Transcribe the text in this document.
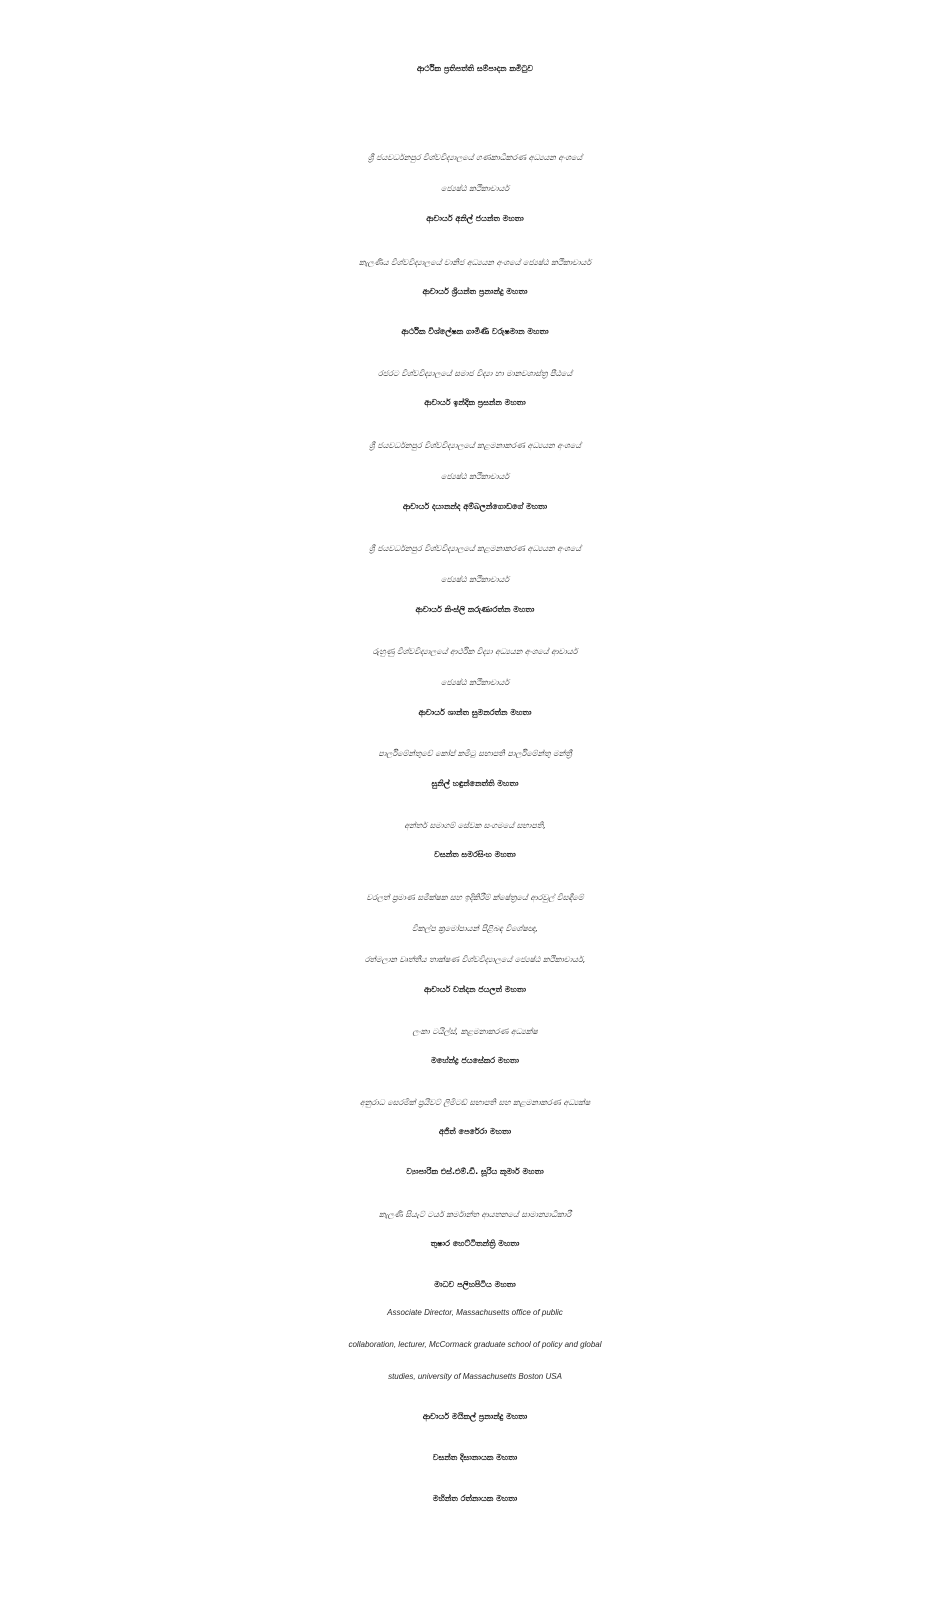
ආර්ථික ප්‍රතිපත්ති සම්පාදන කමිටුව
ශ්‍රී ජයවර්ධනපුර විශ්වවිද්‍යාලයේ ගණකාධිකරණ අධ්‍යයන අංශයේ
ජ්‍යෙෂ්ඨ කථිකාචාර්ය
ආචාර්ය අනිල් ජයන්ත මහතා
කැලණිය විශ්වවිද්‍යාලයේ වානිජ අධ්‍යයන අංශයේ ජ්‍යෙෂ්ඨ කථිකාචාර්ය
ආචාර්ය ශ්‍රියන්ත ප්‍රනාන්දු මහතා
ආර්ථික විශ්ලේෂක ගාමිණී වරුෂමාන මහතා
රජරට විශ්වවිද්‍යාලයේ සමාජ විද්‍යා හා මානවශාස්ත්‍ර පීඨයේ
ආචාර්ය ඉන්දික ප්‍රසන්න මහතා
ශ්‍රී ජයවර්ධනපුර විශ්වවිද්‍යාලයේ කළමනාකරණ අධ්‍යයන අංශයේ
ජ්‍යෙෂ්ඨ කථිකාචාර්ය
ආචාර්ය දයානන්ද අම්බලන්ගොඩගේ මහතා
ශ්‍රී ජයවර්ධනපුර විශ්වවිද්‍යාලයේ කළමනාකරණ අධ්‍යයන අංශයේ
ජ්‍යෙෂ්ඨ කථිකාචාර්ය
ආචාර්ය කිංස්ලි කරුණාරත්න මහතා
රුහුණු විශ්වවිද්‍යාලයේ ආර්ථික විද්‍යා අධ්‍යයන අංශයේ ආචාර්ය
ජ්‍යෙෂ්ඨ කථිකාචාර්ය
ආචාර්ය ශාන්ත සුමනරත්න මහතා
පාර්ලිමේන්තුවේ කෝප් කමිටු සභාපති පාර්ලිමේන්තු මන්ත්‍රී
සුනිල් හඳුන්නෙත්ති මහතා
අන්තර් සමාගම් සේවක සංගමයේ සභාපති,
වසන්ත සමරසිංහ මහතා
වරලත් ප්‍රමාණ සමීක්ෂක සහ ඉදිකිරීම් ක්ෂේත්‍රයේ ආරවුල් විසඳීමේ
විකල්ප ක්‍රමෝපායන් පිළිබඳ විශේෂඥ,
රත්මලාන වෘත්තීය තාක්ෂණ විශ්වවිද්‍යාලයේ ජ්‍යෙෂ්ඨ කථිකාචාර්ය,
ආචාර්ය චන්දන ජයලත් මහතා
ලංකා ටයිල්ස්, කළමනාකරණ අධ්‍යක්ෂ
මහේන්ද්‍ර ජයසේකර මහතා
අනුරාධ සෙරමික් ප්‍රයිවට් ලිමිටඩ් සභාපති සහ කළමනාකරණ අධ්‍යක්ෂ
අජිත් පෙරේරා මහතා
ව්‍යාපාරික එස්.එම්.ඩී. සූරිය කුමාර් මහතා
කැලණි සියැට් ටයර් කර්මාන්ත ආයතනයේ සාමාන්‍යාධිකාරී
තුෂාර හෙට්ටිතන්ත්‍රි මහතා
මාධව පලිහපිටිය මහතා
Associate Director, Massachusetts office of public
collaboration, lecturer, McCormack graduate school of policy and global
studies, university of Massachusetts Boston USA
ආචාර්ය මයිකල් ප්‍රනාන්දු මහතා
වසන්ත දිසානායක මහතා
මහින්ත රත්නායක මහතා
